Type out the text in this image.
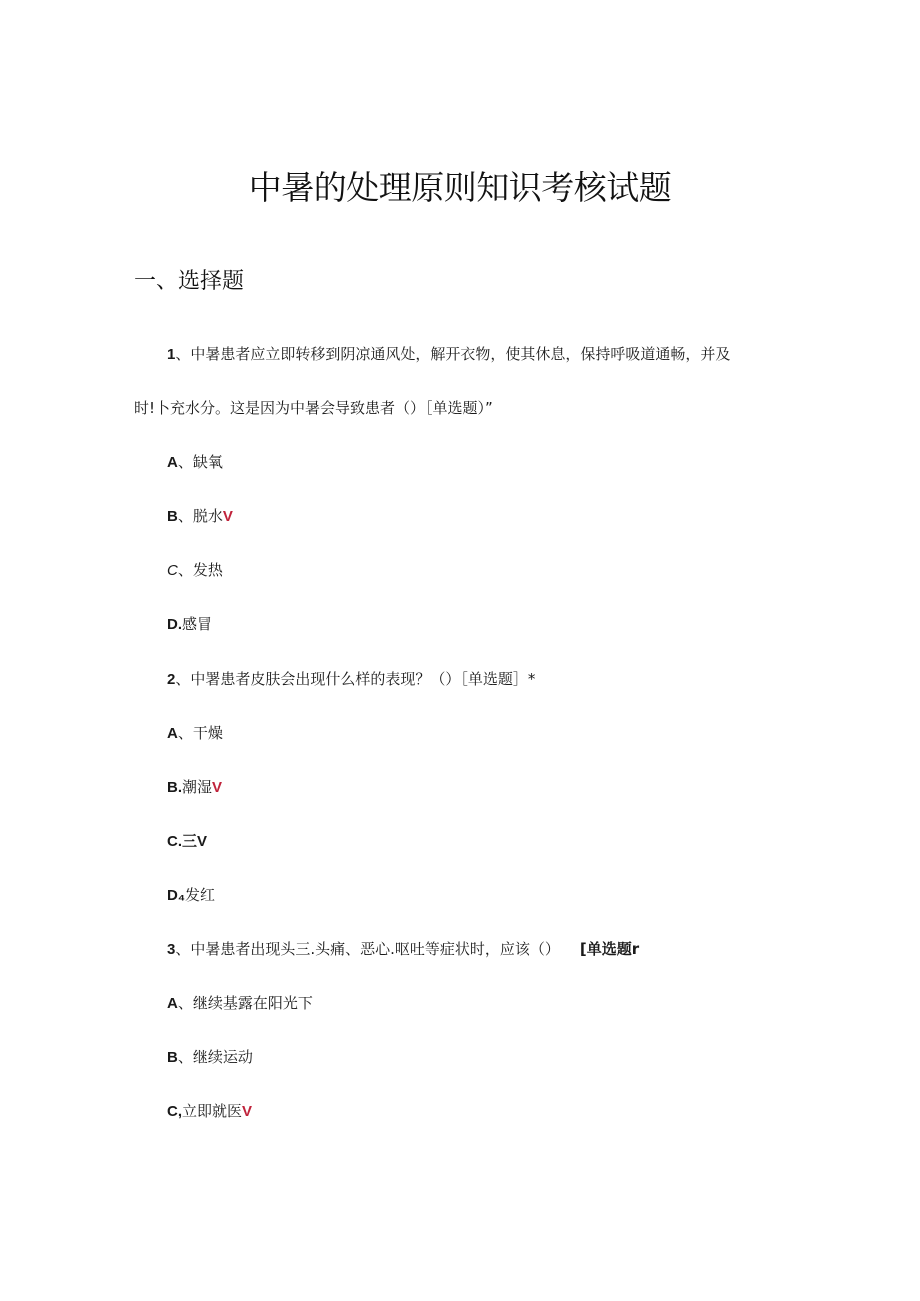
中暑的处理原则知识考核试题
一、选择题
1、中暑患者应立即转移到阴凉通风处，解开衣物，使其休息，保持呼吸道通畅，并及
时!卜充水分。这是因为中暑会导致患者（）［单选题）”
A、缺氧
B、脱水V
C、发热
D.感冒
2、中署患者皮肤会出现什么样的表现？（）［单选题］*
A、干燥
B.潮湿V
C.三V
D₄发红
3、中暑患者出现头三.头痛、恶心.呕吐等症状时，应该（） [单选题r
A、继续基露在阳光下
B、继续运动
C,立即就医V
